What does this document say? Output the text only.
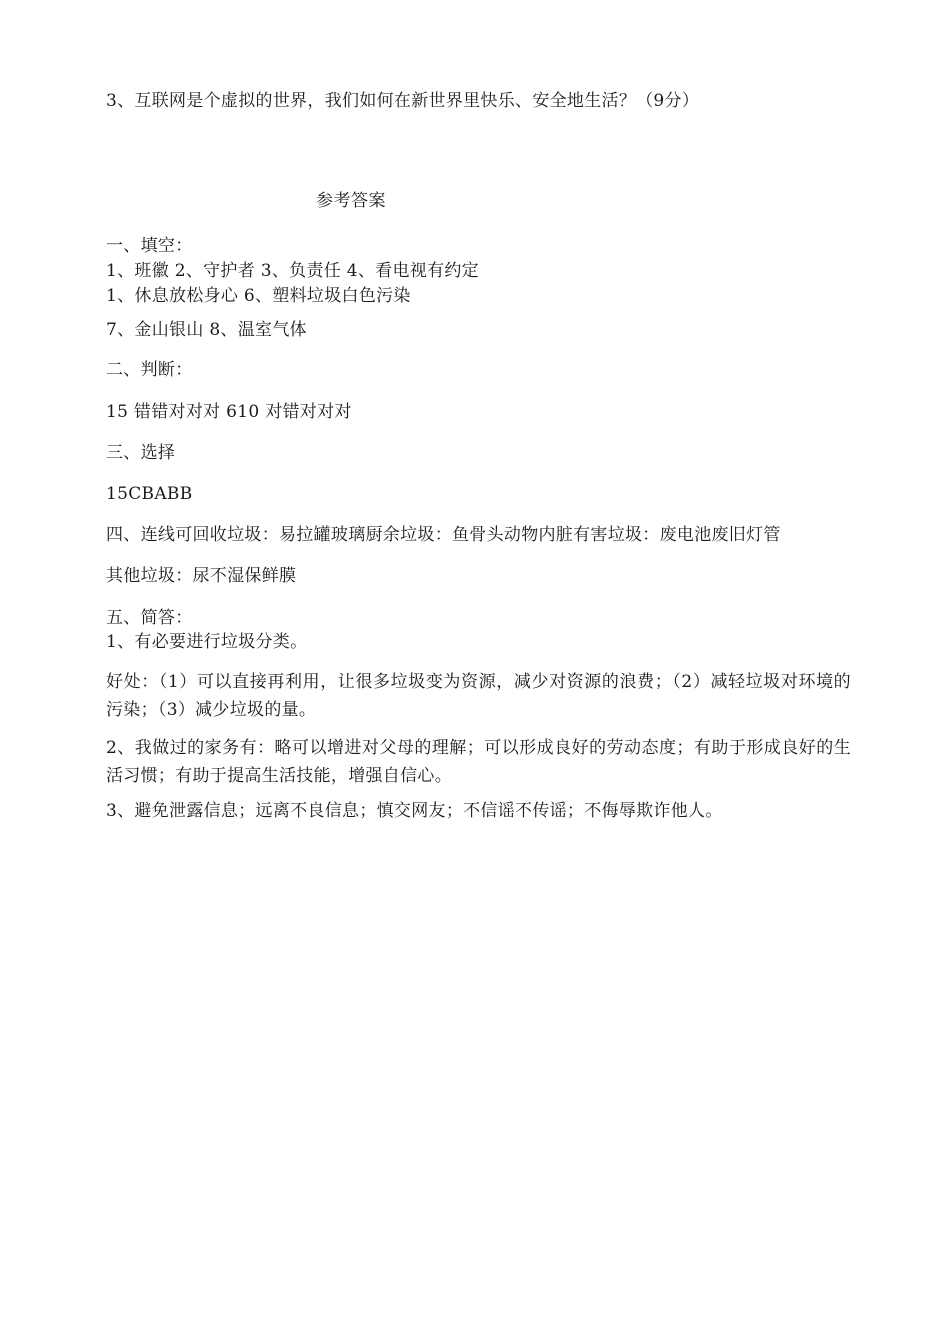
3、互联网是个虚拟的世界，我们如何在新世界里快乐、安全地生活？（9分）
参考答案
一、填空：
1、班徽 2、守护者 3、负责任 4、看电视有约定
1、休息放松身心 6、塑料垃圾白色污染
7、金山银山 8、温室气体
二、判断：
15 错错对对对 610 对错对对对
三、选择
15CBABB
四、连线可回收垃圾：易拉罐玻璃厨余垃圾：鱼骨头动物内脏有害垃圾：废电池废旧灯管
其他垃圾：尿不湿保鲜膜
五、简答：
1、有必要进行垃圾分类。
好处：（1）可以直接再利用，让很多垃圾变为资源，减少对资源的浪费；（2）减轻垃圾对环境的污染；（3）减少垃圾的量。
2、我做过的家务有：略可以增进对父母的理解；可以形成良好的劳动态度；有助于形成良好的生活习惯；有助于提高生活技能，增强自信心。
3、避免泄露信息；远离不良信息；慎交网友；不信谣不传谣；不侮辱欺诈他人。
